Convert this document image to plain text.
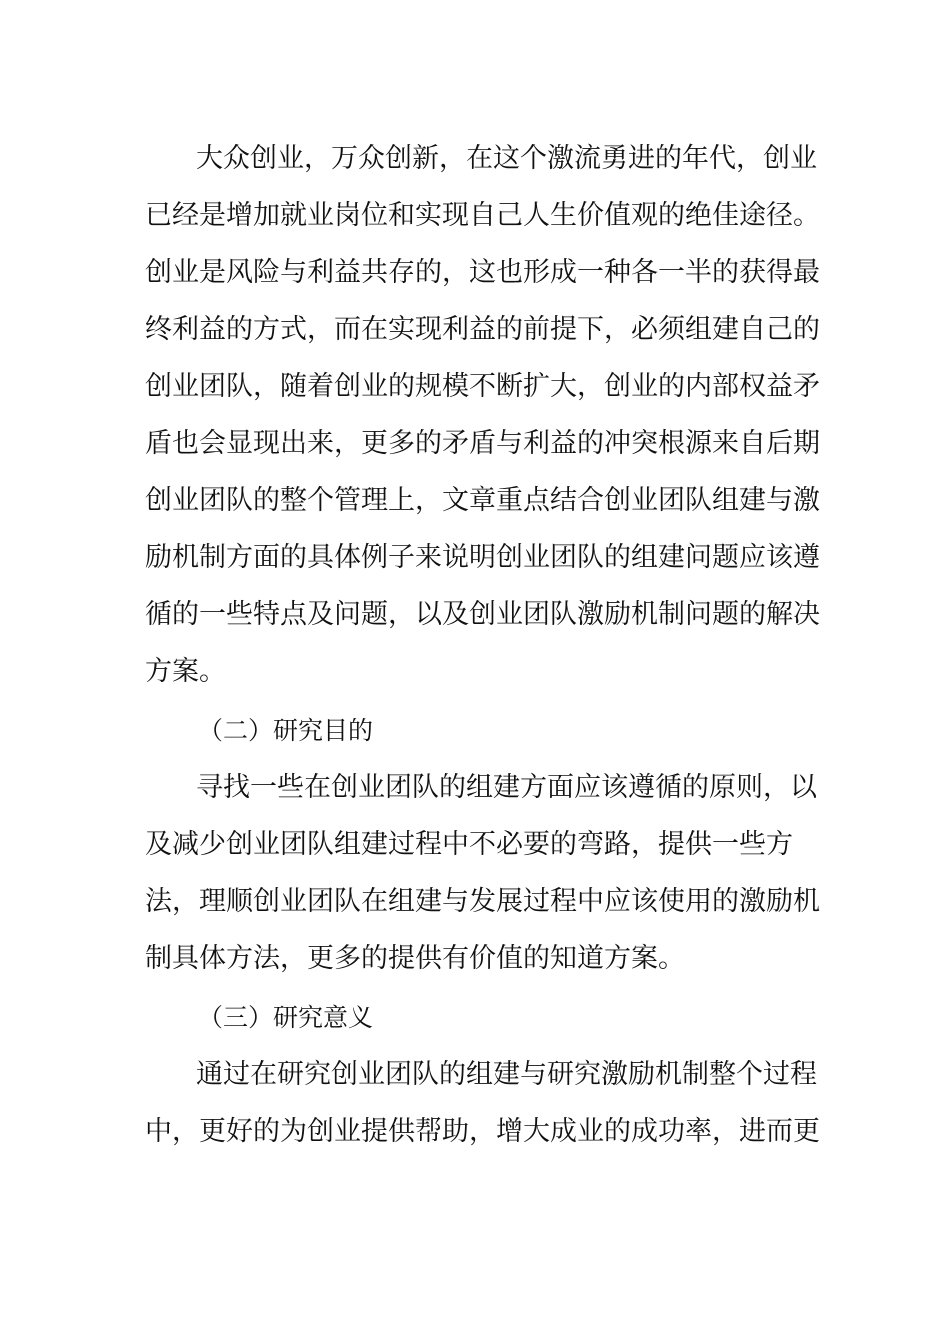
大众创业，万众创新，在这个激流勇进的年代，创业
已经是增加就业岗位和实现自己人生价值观的绝佳途径。
创业是风险与利益共存的，这也形成一种各一半的获得最
终利益的方式，而在实现利益的前提下，必须组建自己的
创业团队，随着创业的规模不断扩大，创业的内部权益矛
盾也会显现出来，更多的矛盾与利益的冲突根源来自后期
创业团队的整个管理上，文章重点结合创业团队组建与激
励机制方面的具体例子来说明创业团队的组建问题应该遵
循的一些特点及问题，以及创业团队激励机制问题的解决
方案。
（二）研究目的
寻找一些在创业团队的组建方面应该遵循的原则，以
及减少创业团队组建过程中不必要的弯路，提供一些方
法，理顺创业团队在组建与发展过程中应该使用的激励机
制具体方法，更多的提供有价值的知道方案。
（三）研究意义
通过在研究创业团队的组建与研究激励机制整个过程
中，更好的为创业提供帮助，增大成业的成功率，进而更
